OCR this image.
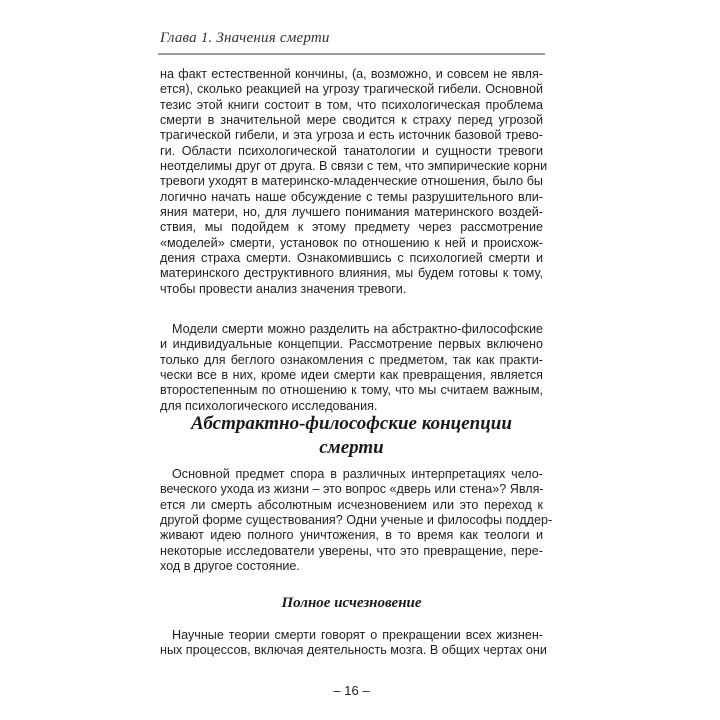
Глава 1. Значения смерти

на факт естественной кончины, (а, возможно, и совсем не явля-
ется), сколько реакцией на угрозу трагической гибели. Основной
тезис этой книги состоит в том, что психологическая проблема
смерти в значительной мере сводится к страху перед угрозой
трагической гибели, и эта угроза и есть источник базовой трево-
ги. Области психологической танатологии и сущности тревоги
неотделимы друг от друга. В связи с тем, что эмпирические корни
тревоги уходят в материнско-младенческие отношения, было бы
логично начать наше обсуждение с темы разрушительного вли-
яния матери, но, для лучшего понимания материнского воздей-
ствия, мы подойдем к этому предмету через рассмотрение
«моделей» смерти, установок по отношению к ней и происхож-
дения страха смерти. Ознакомившись с психологией смерти и
материнского деструктивного влияния, мы будем готовы к тому,
чтобы провести анализ значения тревоги.

Модели смерти можно разделить на абстрактно-философские
и индивидуальные концепции. Рассмотрение первых включено
только для беглого ознакомления с предметом, так как практи-
чески все в них, кроме идеи смерти как превращения, является
второстепенным по отношению к тому, что мы считаем важным,
для психологического исследования.

Абстрактно-философские концепции
смерти

Основной предмет спора в различных интерпретациях чело-
веческого ухода из жизни – это вопрос «дверь или стена»? Явля-
ется ли смерть абсолютным исчезновением или это переход к
другой форме существования? Одни ученые и философы поддер-
живают идею полного уничтожения, в то время как теологи и
некоторые исследователи уверены, что это превращение, пере-
ход в другое состояние.

Полное исчезновение

Научные теории смерти говорят о прекращении всех жизнен-
ных процессов, включая деятельность мозга. В общих чертах они

– 16 –
